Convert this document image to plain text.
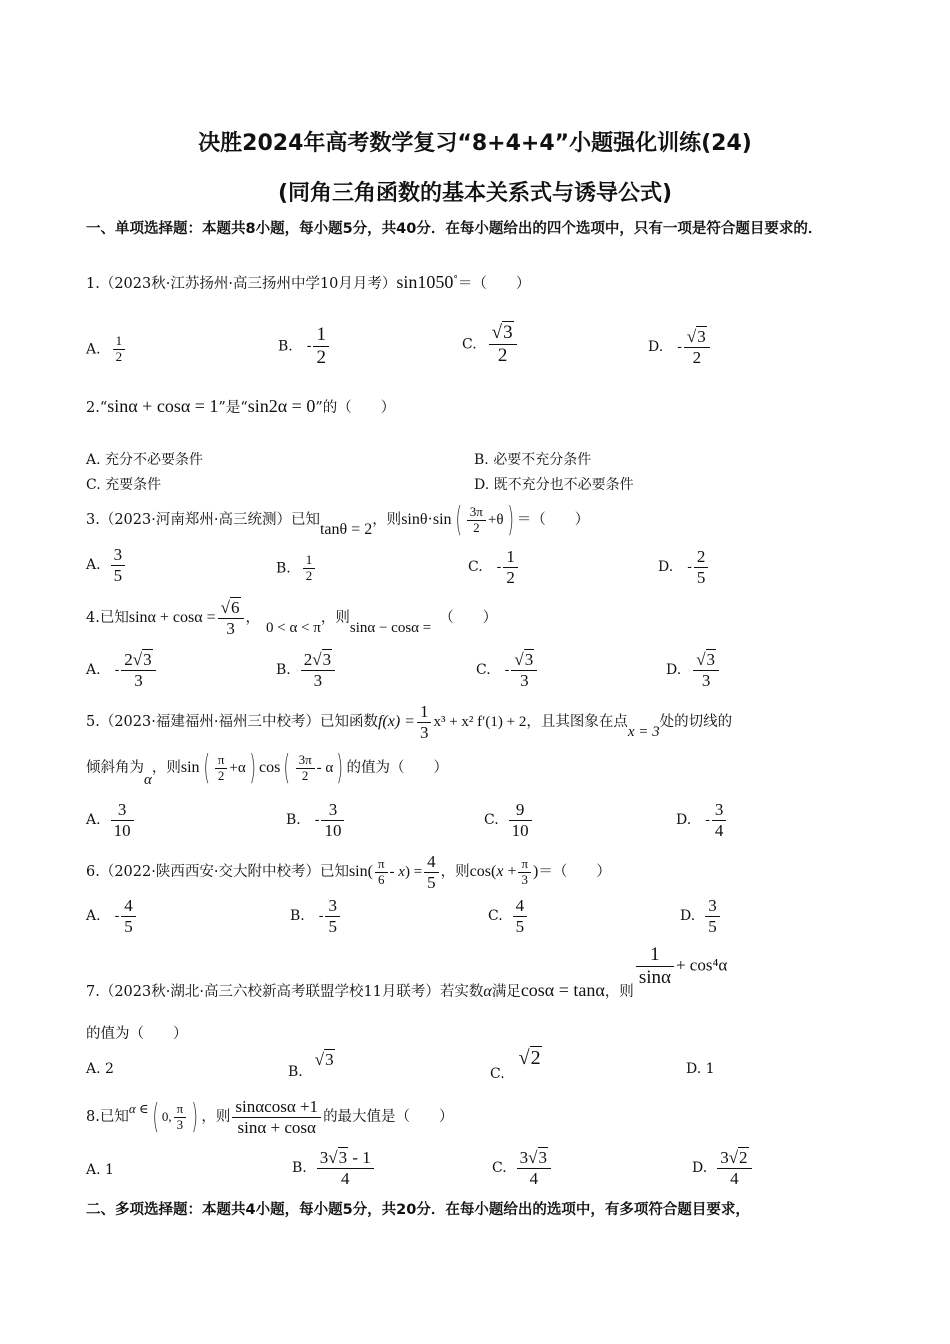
决胜2024年高考数学复习“8+4+4”小题强化训练(24)
(同角三角函数的基本关系式与诱导公式)
一、单项选择题：本题共8小题，每小题5分，共40分．在每小题给出的四个选项中，只有一项是符合题目要求的．
1.（2023秋·江苏扬州·高三扬州中学10月月考）sin1050°＝（　　）
A. $\frac{1}{2}$	B. - $\frac{1}{2}$	C. $\frac{√3}{2}$	D. - $\frac{√3}{2}$
2.“sinα + cosα = 1”是“sin2α = 0”的（　　）
A. 充分不必要条件	B. 必要不充分条件
C. 充要条件	D. 既不充分也不必要条件
3.（2023·河南郑州·高三统测）已知tanθ = 2，则$\sin\theta\cdot\sin( \frac{3\pi}{2} +\theta)$ ＝（　　）
A. $\frac{3}{5}$	B. $\frac{1}{2}$	C. - $\frac{1}{2}$	D. - $\frac{2}{5}$
4.已知$\sin\alpha + \cos\alpha = \frac{√6}{3}$ ，0 < α < π，则sinα − cosα =（　　）
A. - $\frac{2√3}{3}$	B. $\frac{2√3}{3}$	C. - $\frac{√3}{3}$	D. $\frac{√3}{3}$
5.（2023·福建福州·福州三中校考）已知函数$f(x) = \frac{1}{3} x^3 + x^2$ f′(1) + 2，且其图象在点x = 3处的切线的
倾斜角为α，则$\sin( \frac{\pi}{2} +\alpha)$ $\cos( \frac{3\pi}{2} - \alpha)$ 的值为（　　）
A. $\frac{3}{10}$	B. - $\frac{3}{10}$	C. $\frac{9}{10}$	D. - $\frac{3}{4}$
6.（2022·陕西西安·交大附中校考）已知$\sin( \frac{\pi}{6} - x) = \frac{4}{5}$ ，则$\cos(x + \frac{\pi}{3}$ )＝（　　）
A. - $\frac{4}{5}$	B. - $\frac{3}{5}$	C. $\frac{4}{5}$	D. $\frac{3}{5}$
7.（2023秋·湖北·高三六校新高考联盟学校11月联考）若实数α满足cosα = tanα，则
$\frac{1}{\sin\alpha} + \cos^4\alpha$
的值为（　　）
A. 2	B.√3
C.√2	D. 1
8.已知α ∈( 0, $\frac{\pi}{3}$ ) ，则 $\frac{\sin\alpha\cos\alpha +1}{\sin\alpha + \cos\alpha}$ 的最大值是（　　）
A. 1	B. $\frac{3√3 - 1}{4}$	C. $\frac{3√3}{4}$	D. $\frac{3√2}{4}$
二、多项选择题：本题共4小题，每小题5分，共20分．在每小题给出的选项中，有多项符合题目要求，
